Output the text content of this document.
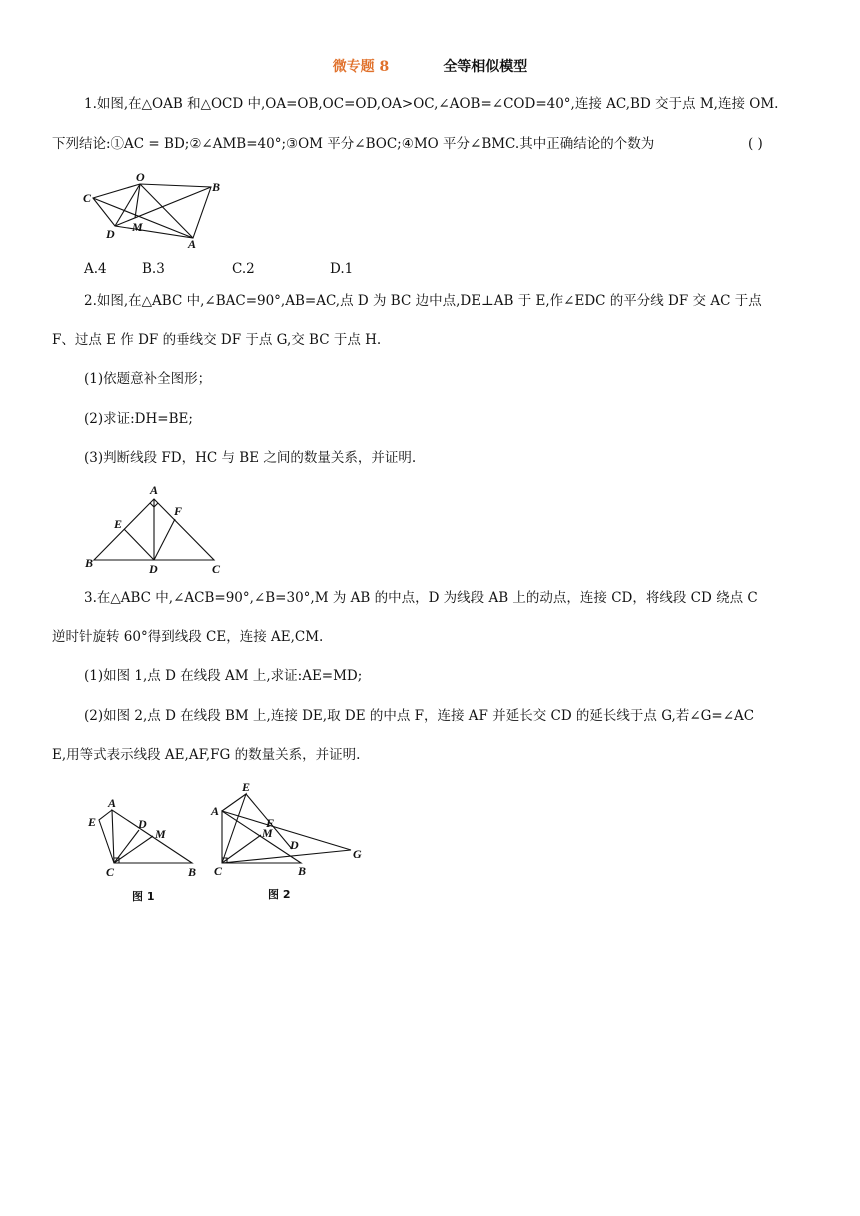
微专题 8	全等相似模型
1.如图,在△OAB 和△OCD 中,OA=OB,OC=OD,OA>OC,∠AOB=∠COD=40°,连接 AC,BD 交于点 M,连接 OM.
下列结论:①AC = BD;②∠AMB=40°;③OM 平分∠BOC;④MO 平分∠BMC.其中正确结论的个数为	( )
O
C
B
D M
A
A.4	B.3	C.2	D.1
2.如图,在△ABC 中,∠BAC=90°,AB=AC,点 D 为 BC 边中点,DE⊥AB 于 E,作∠EDC 的平分线 DF 交 AC 于点
F、过点 E 作 DF 的垂线交 DF 于点 G,交 BC 于点 H.
(1)依题意补全图形；
(2)求证:DH=BE;
(3)判断线段 FD，HC 与 BE 之间的数量关系，并证明.
A
E
F
B	D	C
3.在△ABC 中,∠ACB=90°,∠B=30°,M 为 AB 的中点，D 为线段 AB 上的动点，连接 CD，将线段 CD 绕点 C
逆时针旋转 60°得到线段 CE，连接 AE,CM.
(1)如图 1,点 D 在线段 AM 上,求证:AE=MD;
(2)如图 2,点 D 在线段 BM 上,连接 DE,取 DE 的中点 F，连接 AF 并延长交 CD 的延长线于点 G,若∠G=∠AC
E,用等式表示线段 AE,AF,FG 的数量关系，并证明.
A
E	D
M
C	B
图 1
E
A
F
M
D
G
C	B
图 2
